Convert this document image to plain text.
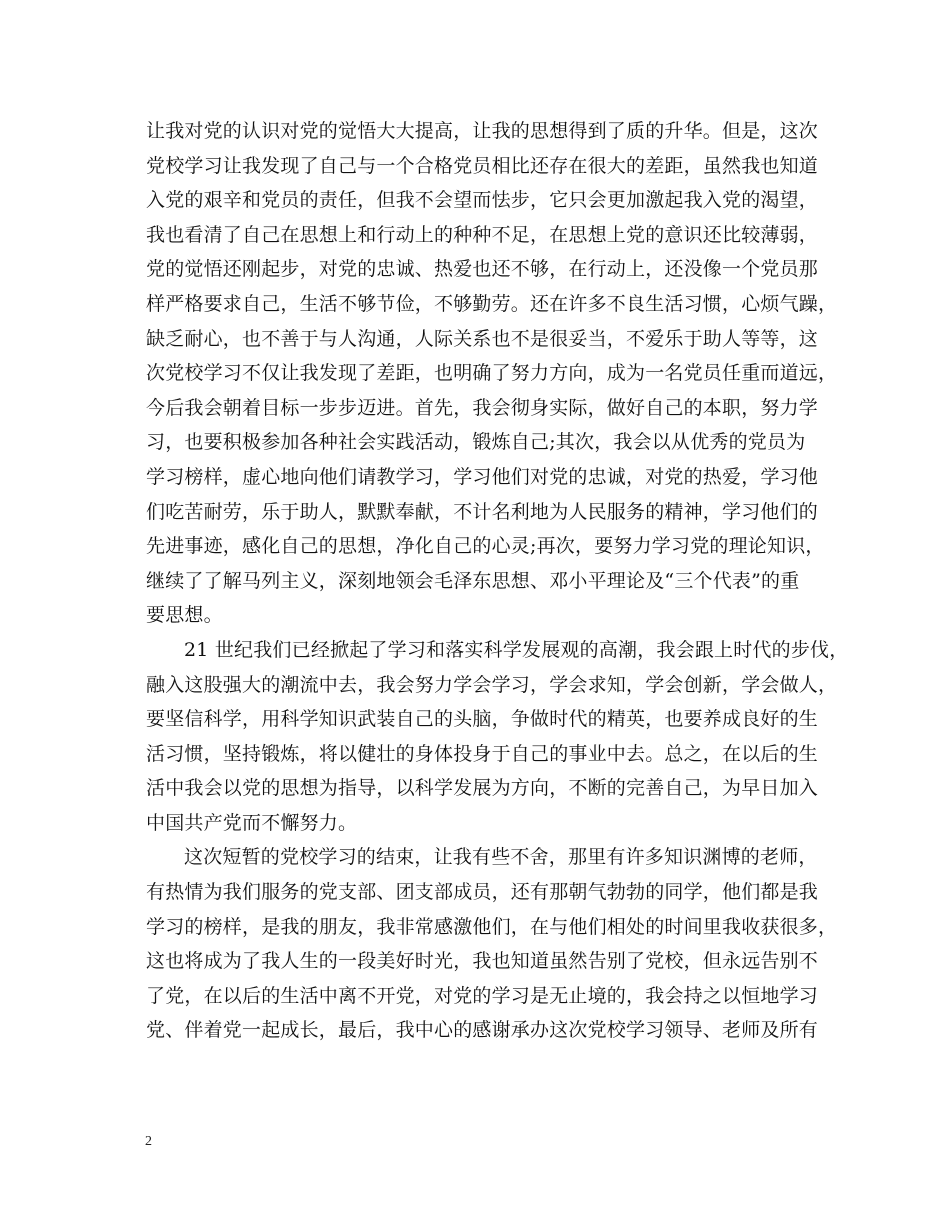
让我对党的认识对党的觉悟大大提高，让我的思想得到了质的升华。但是，这次
党校学习让我发现了自己与一个合格党员相比还存在很大的差距，虽然我也知道
入党的艰辛和党员的责任，但我不会望而怯步，它只会更加激起我入党的渴望，
我也看清了自己在思想上和行动上的种种不足，在思想上党的意识还比较薄弱，
党的觉悟还刚起步，对党的忠诚、热爱也还不够，在行动上，还没像一个党员那
样严格要求自己，生活不够节俭，不够勤劳。还在许多不良生活习惯，心烦气躁，
缺乏耐心，也不善于与人沟通，人际关系也不是很妥当，不爱乐于助人等等，这
次党校学习不仅让我发现了差距，也明确了努力方向，成为一名党员任重而道远，
今后我会朝着目标一步步迈进。首先，我会彻身实际，做好自己的本职，努力学
习，也要积极参加各种社会实践活动，锻炼自己;其次，我会以从优秀的党员为
学习榜样，虚心地向他们请教学习，学习他们对党的忠诚，对党的热爱，学习他
们吃苦耐劳，乐于助人，默默奉献，不计名利地为人民服务的精神，学习他们的
先进事迹，感化自己的思想，净化自己的心灵;再次，要努力学习党的理论知识，
继续了了解马列主义，深刻地领会毛泽东思想、邓小平理论及“三个代表”的重
要思想。
21 世纪我们已经掀起了学习和落实科学发展观的高潮，我会跟上时代的步伐，
融入这股强大的潮流中去，我会努力学会学习，学会求知，学会创新，学会做人，
要坚信科学，用科学知识武装自己的头脑，争做时代的精英，也要养成良好的生
活习惯，坚持锻炼，将以健壮的身体投身于自己的事业中去。总之，在以后的生
活中我会以党的思想为指导，以科学发展为方向，不断的完善自己，为早日加入
中国共产党而不懈努力。
这次短暂的党校学习的结束，让我有些不舍，那里有许多知识渊博的老师，
有热情为我们服务的党支部、团支部成员，还有那朝气勃勃的同学，他们都是我
学习的榜样，是我的朋友，我非常感激他们，在与他们相处的时间里我收获很多，
这也将成为了我人生的一段美好时光，我也知道虽然告别了党校，但永远告别不
了党，在以后的生活中离不开党，对党的学习是无止境的，我会持之以恒地学习
党、伴着党一起成长，最后，我中心的感谢承办这次党校学习领导、老师及所有
2
